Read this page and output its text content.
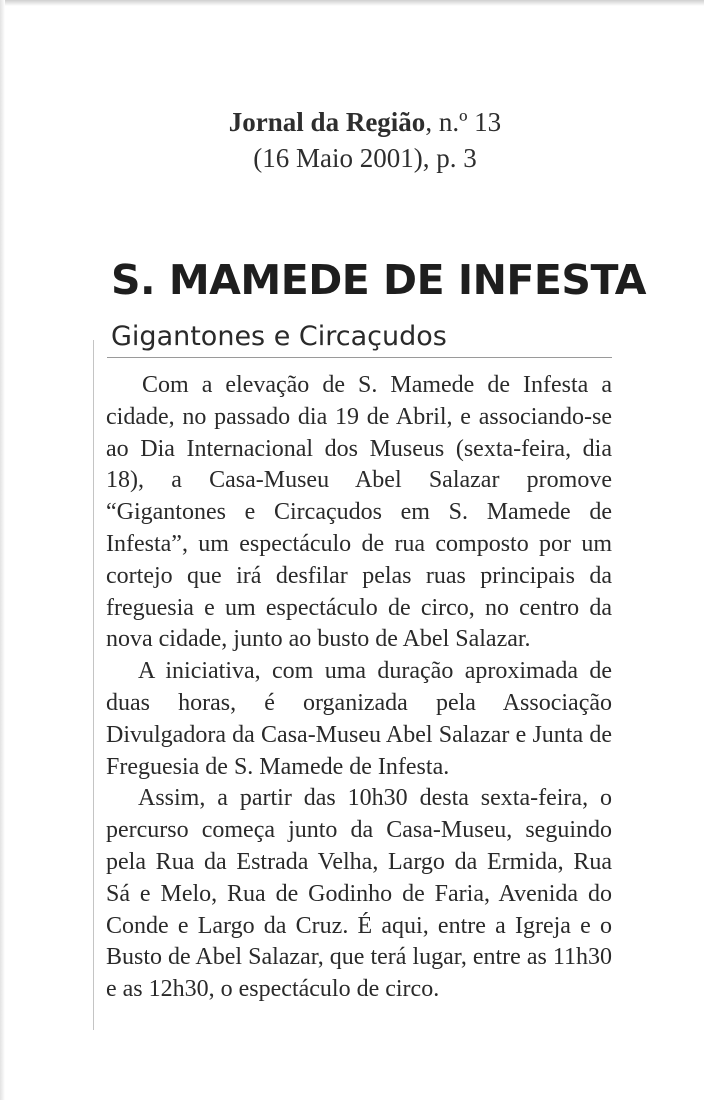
Jornal da Região, n.º 13
(16 Maio 2001), p. 3
S. MAMEDE DE INFESTA
Gigantones e Circaçudos

Com a elevação de S. Mamede de Infesta a cidade, no passado dia 19 de Abril, e associando-se ao Dia Internacional dos Museus (sexta-feira, dia 18), a Casa-Museu Abel Salazar promove “Gigantones e Circaçudos em S. Mamede de Infesta”, um espectáculo de rua composto por um cortejo que irá desfilar pelas ruas principais da freguesia e um espectáculo de circo, no centro da nova cidade, junto ao busto de Abel Salazar.

A iniciativa, com uma duração aproximada de duas horas, é organizada pela Associação Divulgadora da Casa-Museu Abel Salazar e Junta de Freguesia de S. Mamede de Infesta.

Assim, a partir das 10h30 desta sexta-feira, o percurso começa junto da Casa-Museu, seguindo pela Rua da Estrada Velha, Largo da Ermida, Rua Sá e Melo, Rua de Godinho de Faria, Avenida do Conde e Largo da Cruz. É aqui, entre a Igreja e o Busto de Abel Salazar, que terá lugar, entre as 11h30 e as 12h30, o espectáculo de circo.
